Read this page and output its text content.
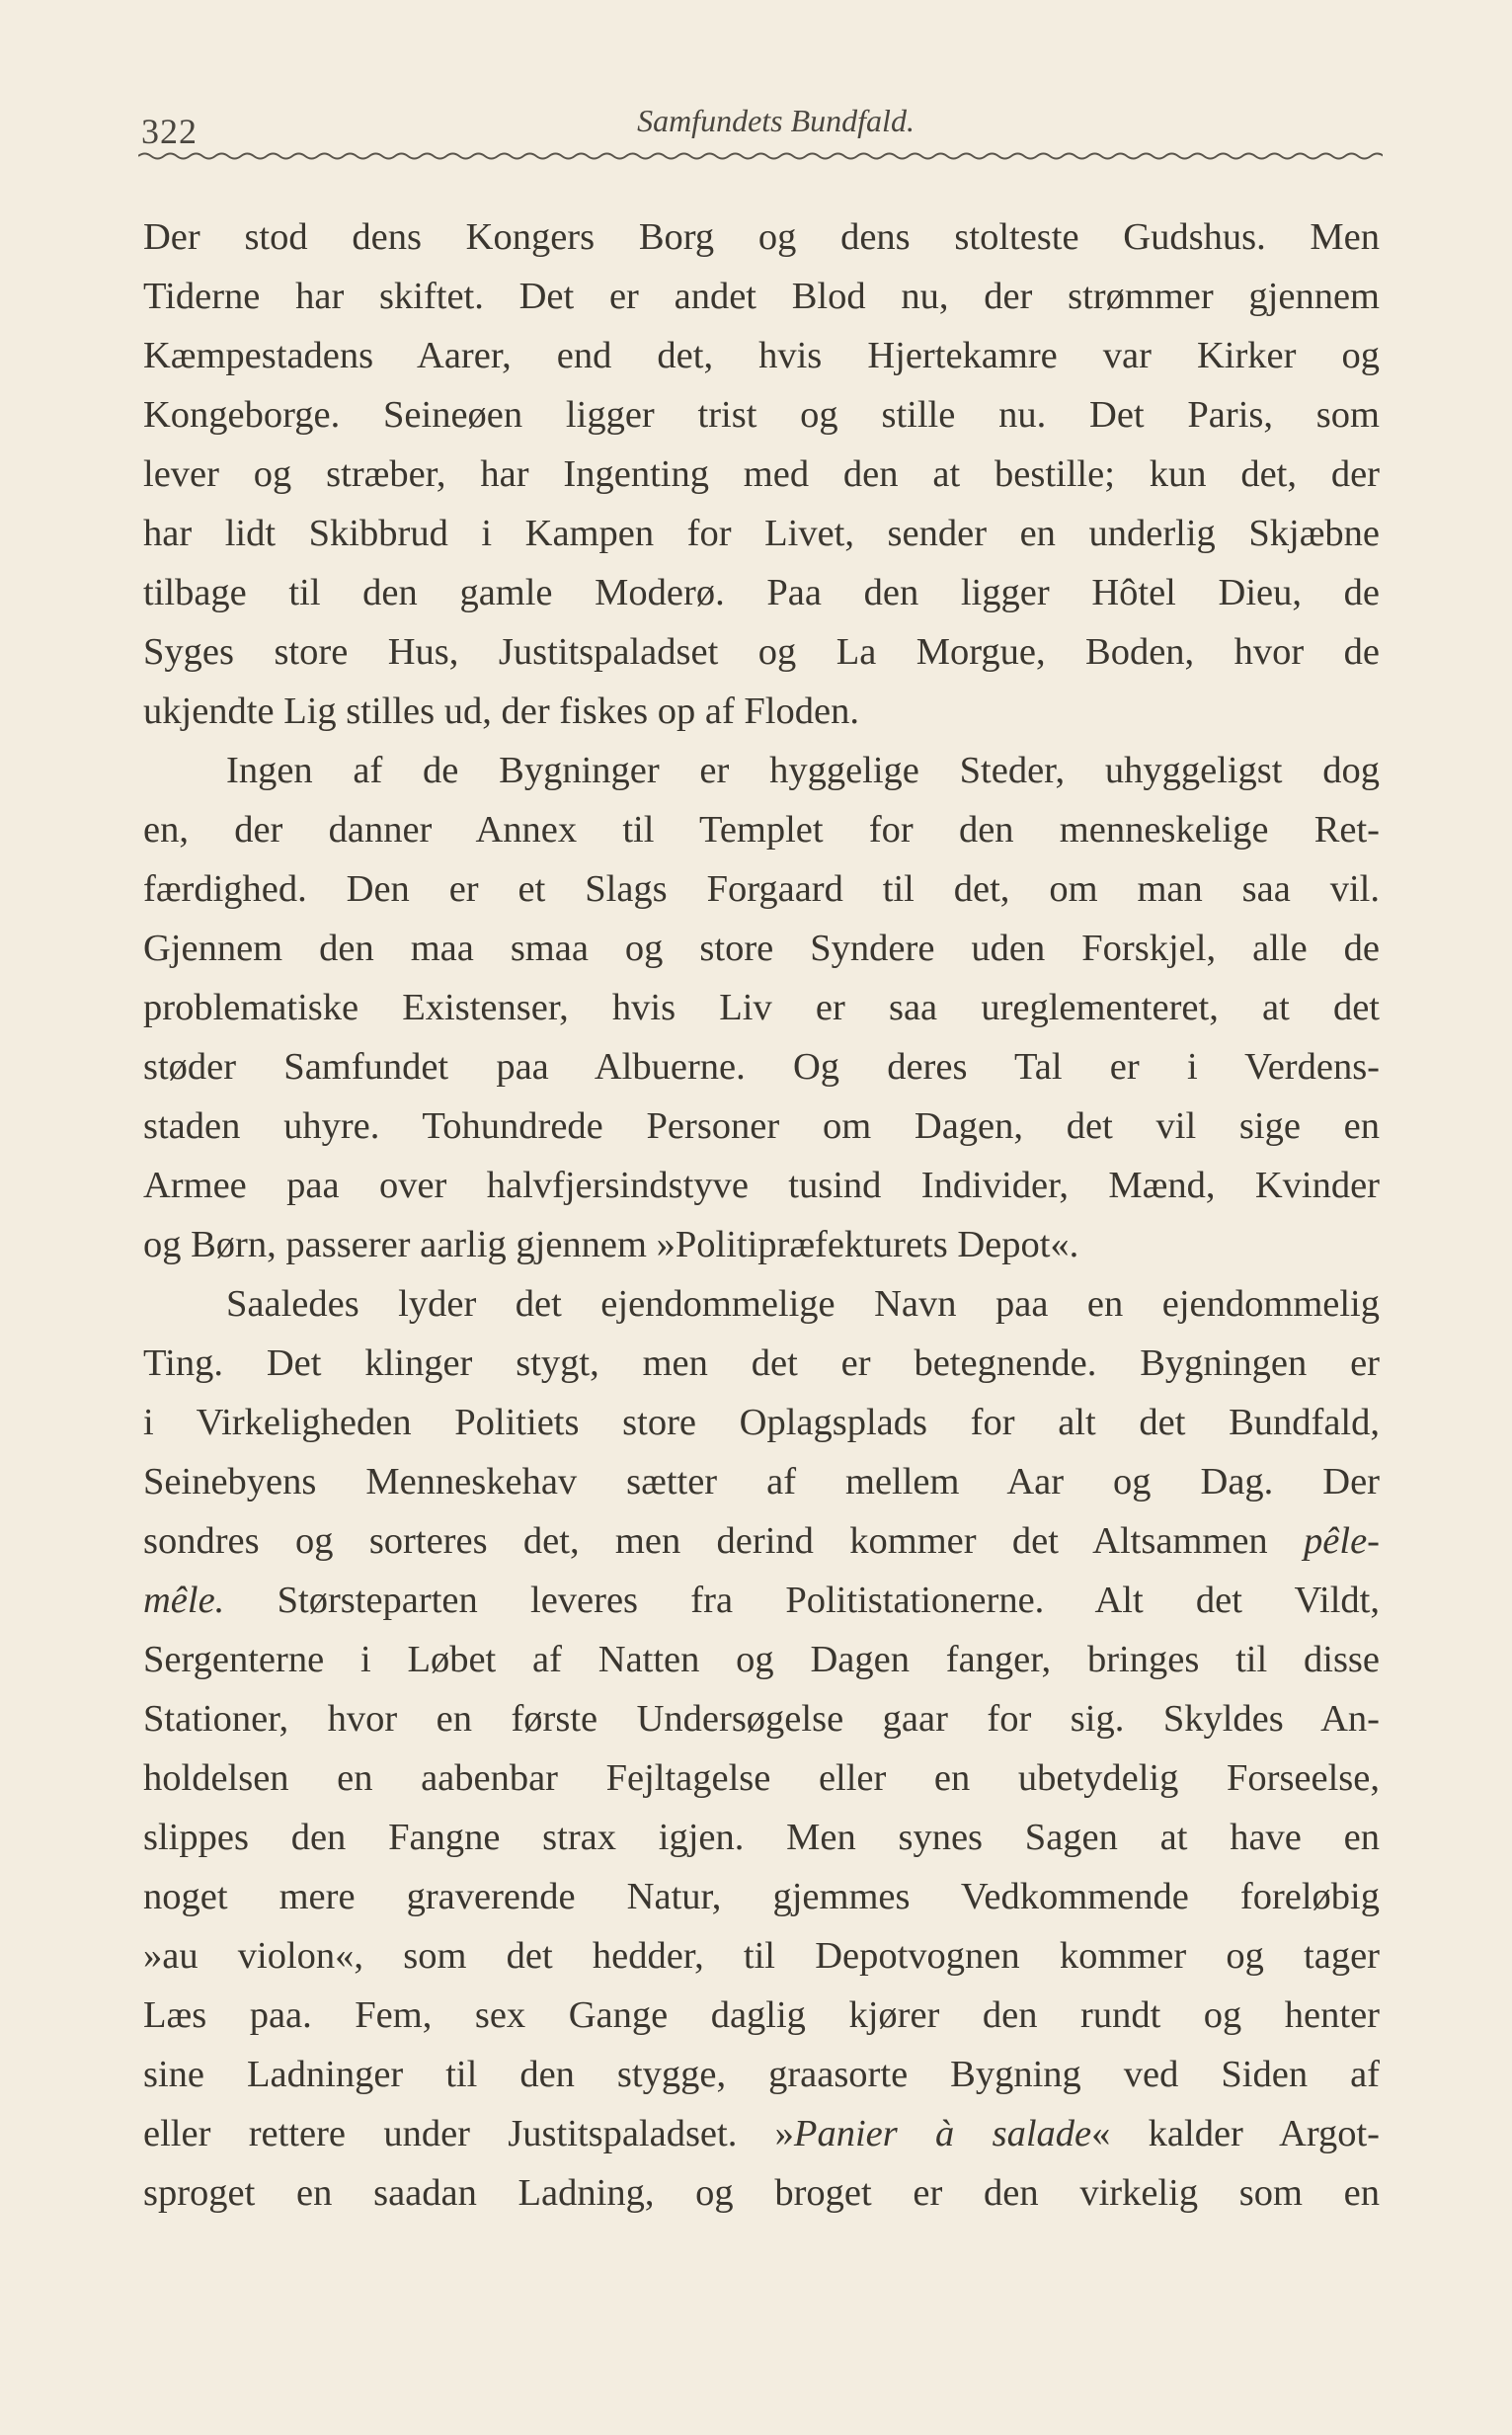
322	Samfundets Bundfald.
Der stod dens Kongers Borg og dens stolteste Gudshus. Men
Tiderne har skiftet. Det er andet Blod nu, der strømmer gjennem
Kæmpestadens Aarer, end det, hvis Hjertekamre var Kirker og
Kongeborge. Seineøen ligger trist og stille nu. Det Paris, som
lever og stræber, har Ingenting med den at bestille; kun det, der
har lidt Skibbrud i Kampen for Livet, sender en underlig Skjæbne
tilbage til den gamle Moderø. Paa den ligger Hôtel Dieu, de
Syges store Hus, Justitspaladset og La Morgue, Boden, hvor de
ukjendte Lig stilles ud, der fiskes op af Floden.
Ingen af de Bygninger er hyggelige Steder, uhyggeligst dog
en, der danner Annex til Templet for den menneskelige Ret-
færdighed. Den er et Slags Forgaard til det, om man saa vil.
Gjennem den maa smaa og store Syndere uden Forskjel, alle de
problematiske Existenser, hvis Liv er saa ureglementeret, at det
støder Samfundet paa Albuerne. Og deres Tal er i Verdens-
staden uhyre. Tohundrede Personer om Dagen, det vil sige en
Armee paa over halvfjersindstyve tusind Individer, Mænd, Kvinder
og Børn, passerer aarlig gjennem »Politipræfekturets Depot«.
Saaledes lyder det ejendommelige Navn paa en ejendommelig
Ting. Det klinger stygt, men det er betegnende. Bygningen er
i Virkeligheden Politiets store Oplagsplads for alt det Bundfald,
Seinebyens Menneskehav sætter af mellem Aar og Dag. Der
sondres og sorteres det, men derind kommer det Altsammen pêle-
mêle. Størsteparten leveres fra Politistationerne. Alt det Vildt,
Sergenterne i Løbet af Natten og Dagen fanger, bringes til disse
Stationer, hvor en første Undersøgelse gaar for sig. Skyldes An-
holdelsen en aabenbar Fejltagelse eller en ubetydelig Forseelse,
slippes den Fangne strax igjen. Men synes Sagen at have en
noget mere graverende Natur, gjemmes Vedkommende foreløbig
»au violon«, som det hedder, til Depotvognen kommer og tager
Læs paa. Fem, sex Gange daglig kjører den rundt og henter
sine Ladninger til den stygge, graasorte Bygning ved Siden af
eller rettere under Justitspaladset. »Panier à salade« kalder Argot-
sproget en saadan Ladning, og broget er den virkelig som en
